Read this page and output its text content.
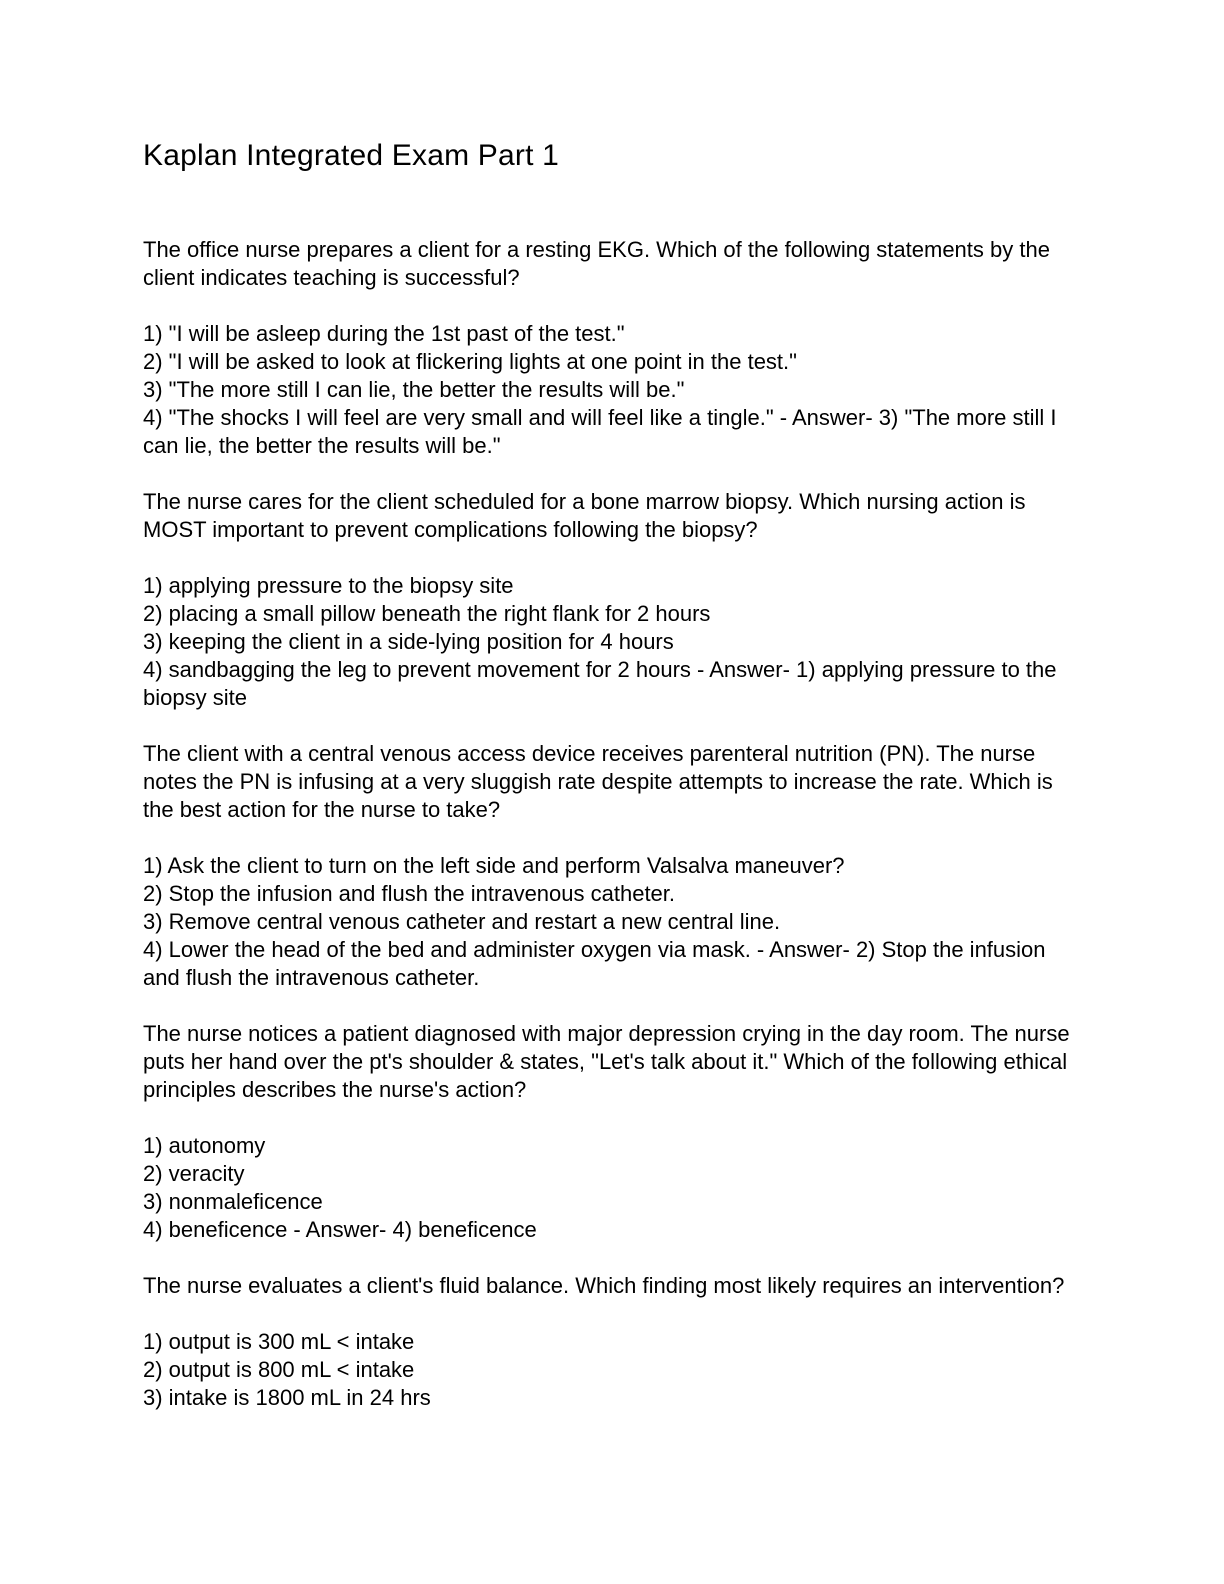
Kaplan Integrated Exam Part 1

The office nurse prepares a client for a resting EKG. Which of the following statements by the client indicates teaching is successful?

1) "I will be asleep during the 1st past of the test."
2) "I will be asked to look at flickering lights at one point in the test."
3) "The more still I can lie, the better the results will be."
4) "The shocks I will feel are very small and will feel like a tingle." - Answer- 3) "The more still I can lie, the better the results will be."

The nurse cares for the client scheduled for a bone marrow biopsy. Which nursing action is MOST important to prevent complications following the biopsy?

1) applying pressure to the biopsy site
2) placing a small pillow beneath the right flank for 2 hours
3) keeping the client in a side-lying position for 4 hours
4) sandbagging the leg to prevent movement for 2 hours - Answer- 1) applying pressure to the biopsy site

The client with a central venous access device receives parenteral nutrition (PN). The nurse notes the PN is infusing at a very sluggish rate despite attempts to increase the rate. Which is the best action for the nurse to take?

1) Ask the client to turn on the left side and perform Valsalva maneuver?
2) Stop the infusion and flush the intravenous catheter.
3) Remove central venous catheter and restart a new central line.
4) Lower the head of the bed and administer oxygen via mask. - Answer- 2) Stop the infusion and flush the intravenous catheter.

The nurse notices a patient diagnosed with major depression crying in the day room. The nurse puts her hand over the pt's shoulder & states, "Let's talk about it." Which of the following ethical principles describes the nurse's action?

1) autonomy
2) veracity
3) nonmaleficence
4) beneficence - Answer- 4) beneficence

The nurse evaluates a client's fluid balance. Which finding most likely requires an intervention?

1) output is 300 mL < intake
2) output is 800 mL < intake
3) intake is 1800 mL in 24 hrs
